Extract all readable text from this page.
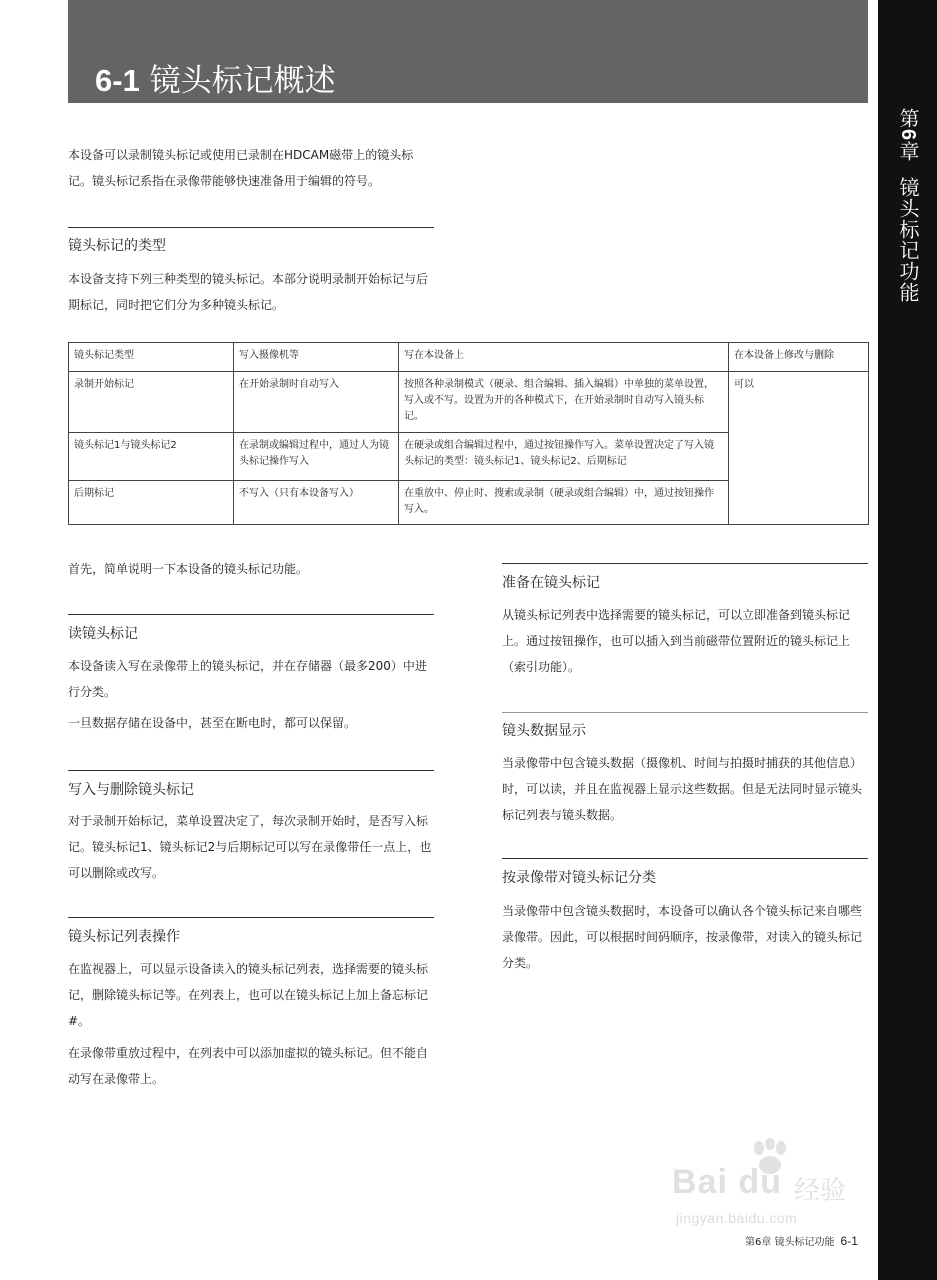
6-1 镜头标记概述
第6章  镜头标记功能

本设备可以录制镜头标记或使用已录制在HDCAM磁带上的镜头标记。镜头标记系指在录像带能够快速准备用于编辑的符号。

镜头标记的类型

本设备支持下列三种类型的镜头标记。本部分说明录制开始标记与后期标记，同时把它们分为多种镜头标记。

镜头标记类型	写入摄像机等	写在本设备上	在本设备上修改与删除
录制开始标记	在开始录制时自动写入	按照各种录制模式（硬录、组合编辑、插入编辑）中单独的菜单设置，写入或不写。设置为开的各种模式下，在开始录制时自动写入镜头标记。	可以
镜头标记1与镜头标记2	在录制或编辑过程中，通过人为镜头标记操作写入	在硬录或组合编辑过程中，通过按钮操作写入。菜单设置决定了写入镜头标记的类型：镜头标记1、镜头标记2、后期标记	
后期标记	不写入（只有本设备写入）	在重放中、停止时、搜索或录制（硬录或组合编辑）中，通过按钮操作写入。	

首先，简单说明一下本设备的镜头标记功能。

读镜头标记

本设备读入写在录像带上的镜头标记，并在存储器（最多200）中进行分类。

一旦数据存储在设备中，甚至在断电时，都可以保留。

写入与删除镜头标记

对于录制开始标记，菜单设置决定了，每次录制开始时，是否写入标记。镜头标记1、镜头标记2与后期标记可以写在录像带任一点上，也可以删除或改写。

镜头标记列表操作

在监视器上，可以显示设备读入的镜头标记列表，选择需要的镜头标记，删除镜头标记等。在列表上，也可以在镜头标记上加上备忘标记#。

在录像带重放过程中，在列表中可以添加虚拟的镜头标记。但不能自动写在录像带上。

准备在镜头标记

从镜头标记列表中选择需要的镜头标记，可以立即准备到镜头标记上。通过按钮操作，也可以插入到当前磁带位置附近的镜头标记上（索引功能）。

镜头数据显示

当录像带中包含镜头数据（摄像机、时间与拍摄时捕获的其他信息）时，可以读，并且在监视器上显示这些数据。但是无法同时显示镜头标记列表与镜头数据。

按录像带对镜头标记分类

当录像带中包含镜头数据时，本设备可以确认各个镜头标记来自哪些录像带。因此，可以根据时间码顺序，按录像带，对读入的镜头标记分类。

Bai du 经验
jingyan.baidu.com
第6章 镜头标记功能 6-1
